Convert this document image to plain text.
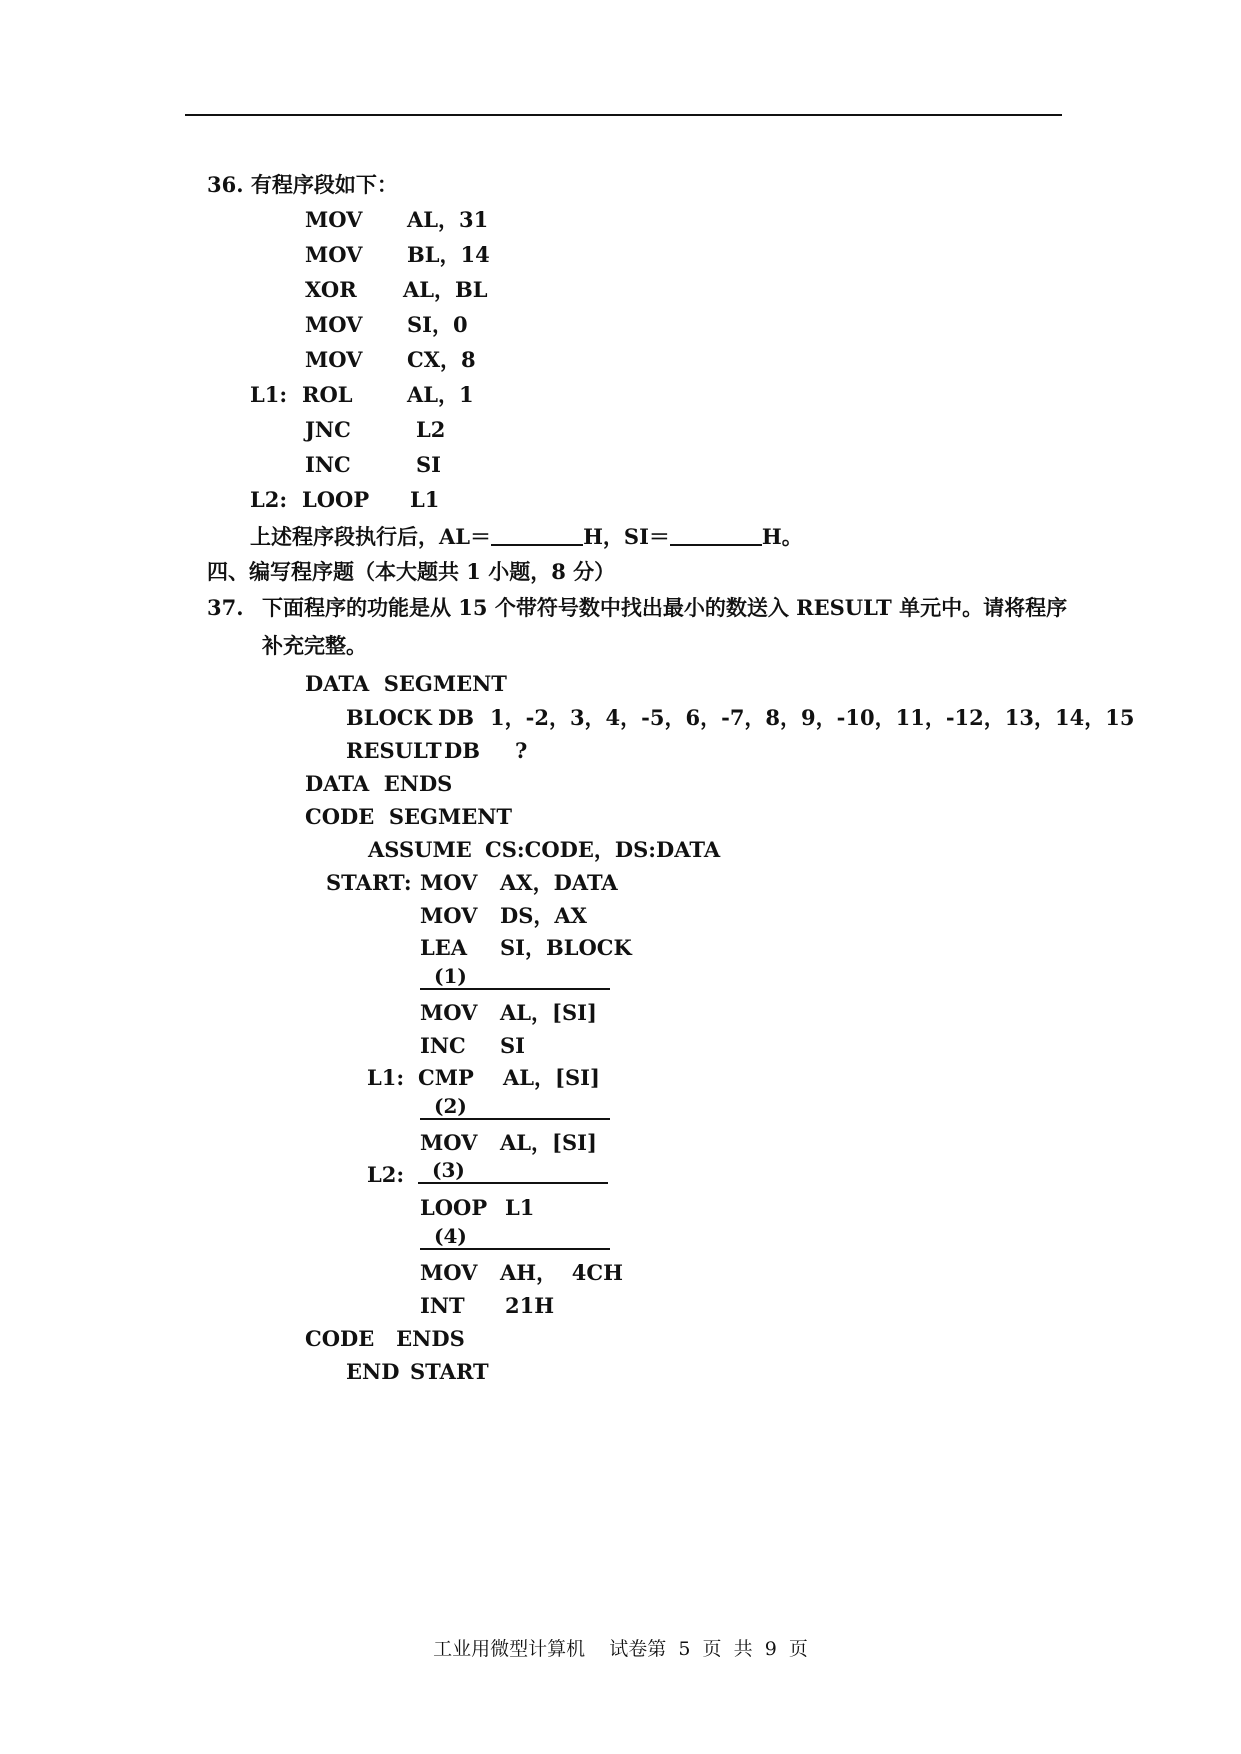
36. 有程序段如下：
MOV AL，31
MOV BL，14
XOR AL，BL
MOV SI，0
MOV CX，8
L1: ROL	AL，1
JNC	L2
INC	SI
L2: LOOP L1
上述程序段执行后，AL＝	H，SI＝	H。
四、编写程序题（本大题共 1 小题，8 分）
37. 下面程序的功能是从 15 个带符号数中找出最小的数送入 RESULT 单元中。请将程序
补充完整。
DATA  SEGMENT
BLOCK DB 1，-2，3，4，-5，6，-7，8，9，-10，11，-12，13，14，15
RESULT DB ?
DATA  ENDS
CODE  SEGMENT
ASSUME CS:CODE，DS:DATA
START: MOV AX，DATA
MOV DS，AX
LEA SI，BLOCK
(1)
MOV AL，[SI]
INC SI
L1: CMP AL，[SI]
(2)
MOV AL，[SI]
L2:	(3)
LOOP L1
(4)
MOV AH，  4CH
INT 21H
CODE   ENDS
END START
工业用微型计算机    试卷第  5  页  共  9  页
